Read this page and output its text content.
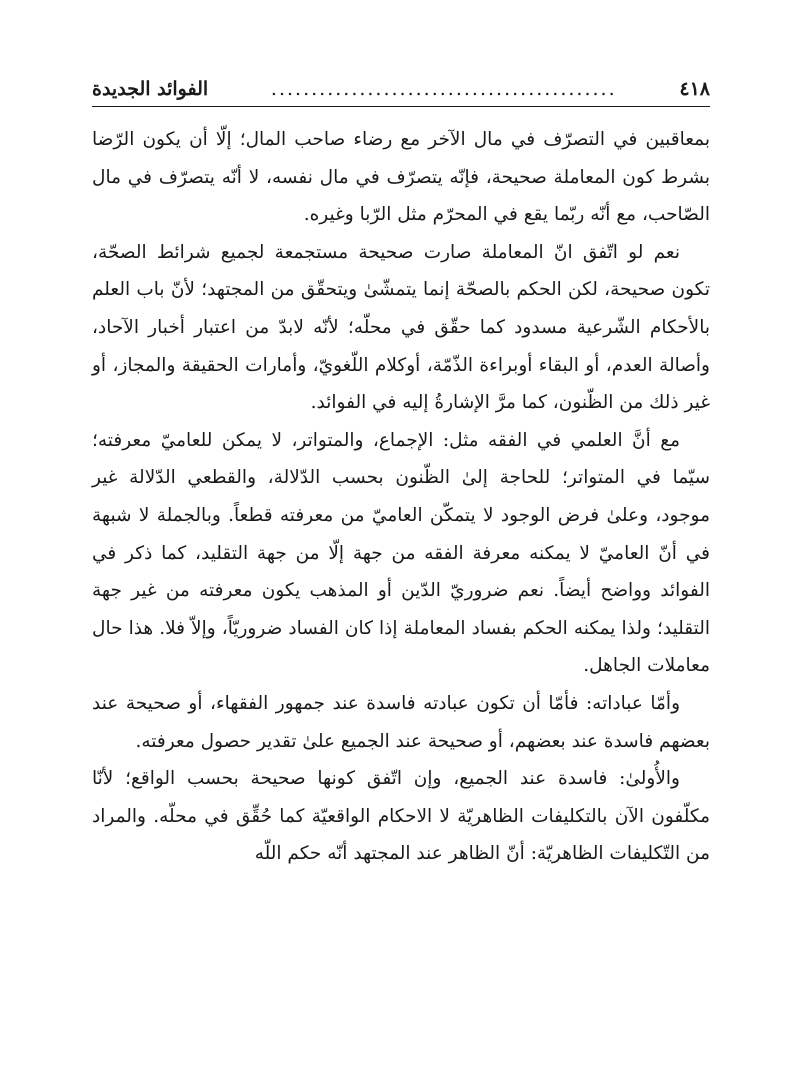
٤١٨
...........................................
الفوائد الجديدة

بمعاقبين في التصرّف في مال الآخر مع رضاء صاحب المال؛ إلّا أن يكون الرّضا بشرط كون المعاملة صحيحة، فإنّه يتصرّف في مال نفسه، لا أنّه يتصرّف في مال الصّاحب، مع أنّه ربّما يقع في المحرّم مثل الرّبا وغيره.

نعم لو اتّفق انّ المعاملة صارت صحيحة مستجمعة لجميع شرائط الصحّة، تكون صحيحة، لكن الحكم بالصحّة إنما يتمشّىٰ ويتحقّق من المجتهد؛ لأنّ باب العلم بالأحكام الشّرعية مسدود كما حقّق في محلّه؛ لأنّه لابدّ من اعتبار أخبار الآحاد، وأصالة العدم، أو البقاء أوبراءة الذّمّة، أوكلام اللّغويّ، وأمارات الحقيقة والمجاز، أو غير ذلك من الظّنون، كما مرَّ الإشارةُ إليه في الفوائد.

مع أنَّ العلمي في الفقه مثل: الإجماع، والمتواتر، لا يمكن للعاميّ معرفته؛ سيّما في المتواتر؛ للحاجة إلىٰ الظّنون بحسب الدّلالة، والقطعي الدّلالة غير موجود، وعلىٰ فرض الوجود لا يتمكّن العاميّ من معرفته قطعاً. وبالجملة لا شبهة في أنّ العاميّ لا يمكنه معرفة الفقه من جهة إلّا من جهة التقليد، كما ذكر في الفوائد وواضح أيضاً. نعم ضروريّ الدّين أو المذهب يكون معرفته من غير جهة التقليد؛ ولذا يمكنه الحكم بفساد المعاملة إذا كان الفساد ضروريّاً، وإلاّ فلا. هذا حال معاملات الجاهل.

وأمّا عباداته: فأمّا أن تكون عبادته فاسدة عند جمهور الفقهاء، أو صحيحة عند بعضهم فاسدة عند بعضهم، أو صحيحة عند الجميع علىٰ تقدير حصول معرفته.

والأُولىٰ: فاسدة عند الجميع، وإن اتّفق كونها صحيحة بحسب الواقع؛ لأنّا مكلّفون الآن بالتكليفات الظاهريّة لا الاحكام الواقعيّة كما حُقِّق في محلّه. والمراد من التّكليفات الظاهريّة: أنّ الظاهر عند المجتهد أنّه حكم اللّه
